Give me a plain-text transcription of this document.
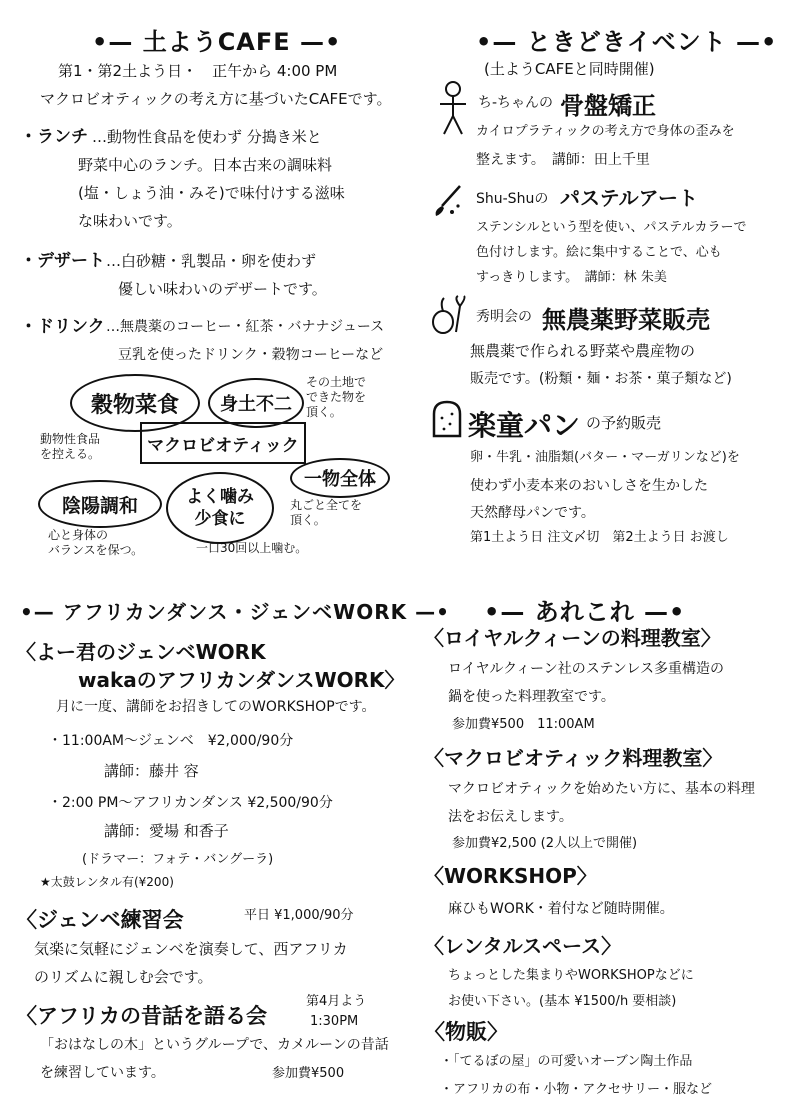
•— 土ようCAFE —•
第1・第2土よう日・　正午から 4:00 PM
マクロビオティックの考え方に基づいたCAFEです。
・ランチ …動物性食品を使わず 分搗き米と
野菜中心のランチ。日本古来の調味料
(塩・しょう油・みそ)で味付けする滋味
な味わいです。
・デザート …白砂糖・乳製品・卵を使わず
優しい味わいのデザートです。
・ドリンク …無農薬のコーヒー・紅茶・バナナジュース
豆乳を使ったドリンク・穀物コーヒーなど
穀物菜食 身土不二
その土地で
できた物を
頂く。
動物性食品
を控える。	マクロビオティック
一物全体
丸ごと全てを
頂く。
陰陽調和
心と身体の
バランスを保つ。
よく噛み
少食に
一口30回以上噛む。
•— アフリカンダンス・ジェンベWORK —•
〈よー君のジェンベWORK
wakaのアフリカンダンスWORK〉
月に一度、講師をお招きしてのWORKSHOPです。
・11:00AM～ジェンベ　¥2,000/90分
講師：藤井 容
・2:00 PM～アフリカンダンス ¥2,500/90分
講師：愛場 和香子
(ドラマー：フォテ・バングーラ)
★太鼓レンタル有(¥200)
〈ジェンベ練習会	平日 ¥1,000/90分
気楽に気軽にジェンベを演奏して、西アフリカ
のリズムに親しむ会です。
〈アフリカの昔話を語る会
第4月よう
1:30PM
「おはなしの木」というグループで、カメルーンの昔話
を練習しています。	参加費¥500
•— ときどきイベント —•
(土ようCAFEと同時開催)
ち-ちゃんの 骨盤矯正
カイロプラティックの考え方で身体の歪みを
整えます。　講師：田上千里
Shu-Shuの パステルアート
ステンシルという型を使い、パステルカラーで
色付けします。絵に集中することで、心も
すっきりします。　講師：林 朱美
秀明会の 無農薬野菜販売
無農薬で作られる野菜や農産物の
販売です。(粉類・麺・お茶・菓子類など)
楽童パン の予約販売
卵・牛乳・油脂類(バター・マーガリンなど)を
使わず小麦本来のおいしさを生かした
天然酵母パンです。
第1土よう日 注文〆切　第2土よう日 お渡し
•— あれこれ —•
〈ロイヤルクィーンの料理教室〉
ロイヤルクィーン社のステンレス多重構造の
鍋を使った料理教室です。
参加費¥500　11:00AM
〈マクロビオティック料理教室〉
マクロビオティックを始めたい方に、基本の料理
法をお伝えします。
参加費¥2,500 (2人以上で開催)
〈WORKSHOP〉
麻ひもWORK・着付など随時開催。
〈レンタルスペース〉
ちょっとした集まりやWORKSHOPなどに
お使い下さい。(基本 ¥1500/h 要相談)
〈物販〉
・「てるぼの屋」の可愛いオーブン陶土作品
・アフリカの布・小物・アクセサリー・服など
